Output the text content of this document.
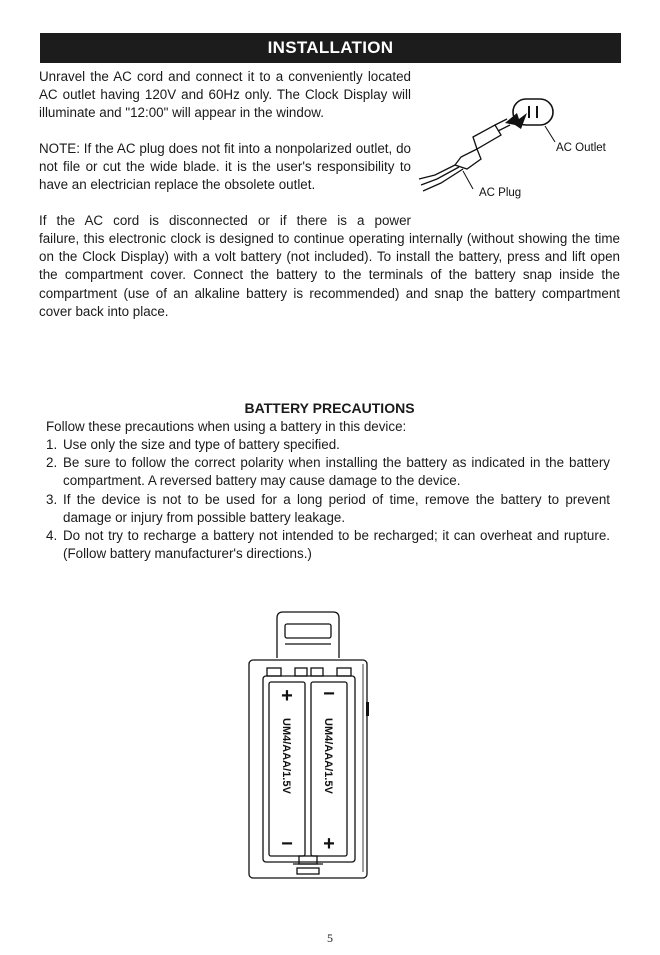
INSTALLATION

Unravel the AC cord and connect it to a conveniently located AC outlet having 120V and 60Hz only. The Clock Display will illuminate and "12:00" will appear in the window.

NOTE: If the AC plug does not fit into a nonpolarized outlet, do not file or cut the wide blade. it is the user's responsibility to have an electrician replace the obsolete outlet.

If the AC cord is disconnected or if there is a power

failure, this electronic clock is designed to continue operating internally (without showing the time on the Clock Display) with a volt battery (not included). To install the battery, press and lift open the compartment cover. Connect the battery to the terminals of the battery snap inside the compartment (use of an alkaline battery is recommended) and snap the battery compartment cover back into place.

AC Outlet
AC Plug
BATTERY PRECAUTIONS
Follow these precautions when using a battery in this device:
1. Use only the size and type of battery specified.
2. Be sure to follow the correct polarity when installing the battery as indicated in the battery compartment. A reversed battery may cause damage to the device.
3. If the device is not to be used for a long period of time, remove the battery to prevent damage or injury from possible battery leakage.
4. Do not try to recharge a battery not intended to be recharged; it can overheat and rupture. (Follow battery manufacturer's directions.)
+ −
− +
UM4/AAA/1.5V	UM4/AAA/1.5V
5
